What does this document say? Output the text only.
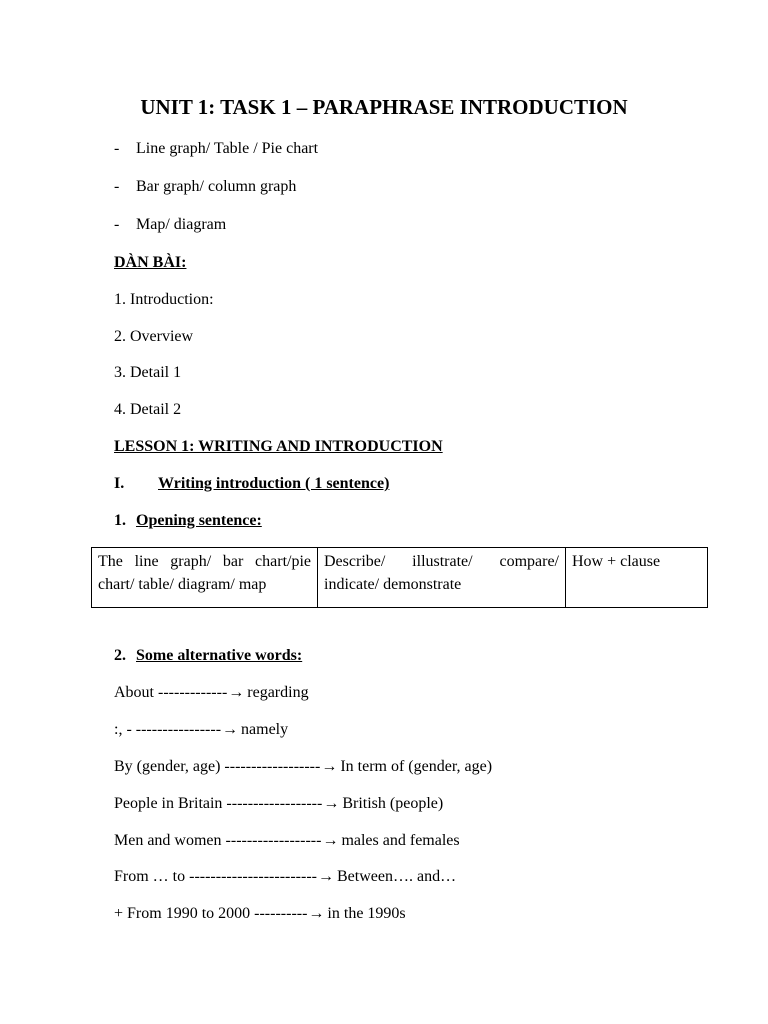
UNIT 1: TASK 1 – PARAPHRASE INTRODUCTION
- Line graph/ Table / Pie chart
- Bar graph/ column graph
- Map/ diagram
DÀN BÀI:
1. Introduction:
2. Overview
3. Detail 1
4. Detail 2
LESSON 1: WRITING AND INTRODUCTION
I. Writing introduction ( 1 sentence)
1. Opening sentence:
The line graph/ bar chart/pie chart/ table/ diagram/ map	Describe/ illustrate/ compare/ indicate/ demonstrate	How + clause
2. Some alternative words:
About -------------→ regarding
:, - ----------------→ namely
By (gender, age) ------------------→ In term of (gender, age)
People in Britain ------------------→ British (people)
Men and women ------------------→ males and females
From … to ------------------------→ Between…. and…
+ From 1990 to 2000 ----------→ in the 1990s
